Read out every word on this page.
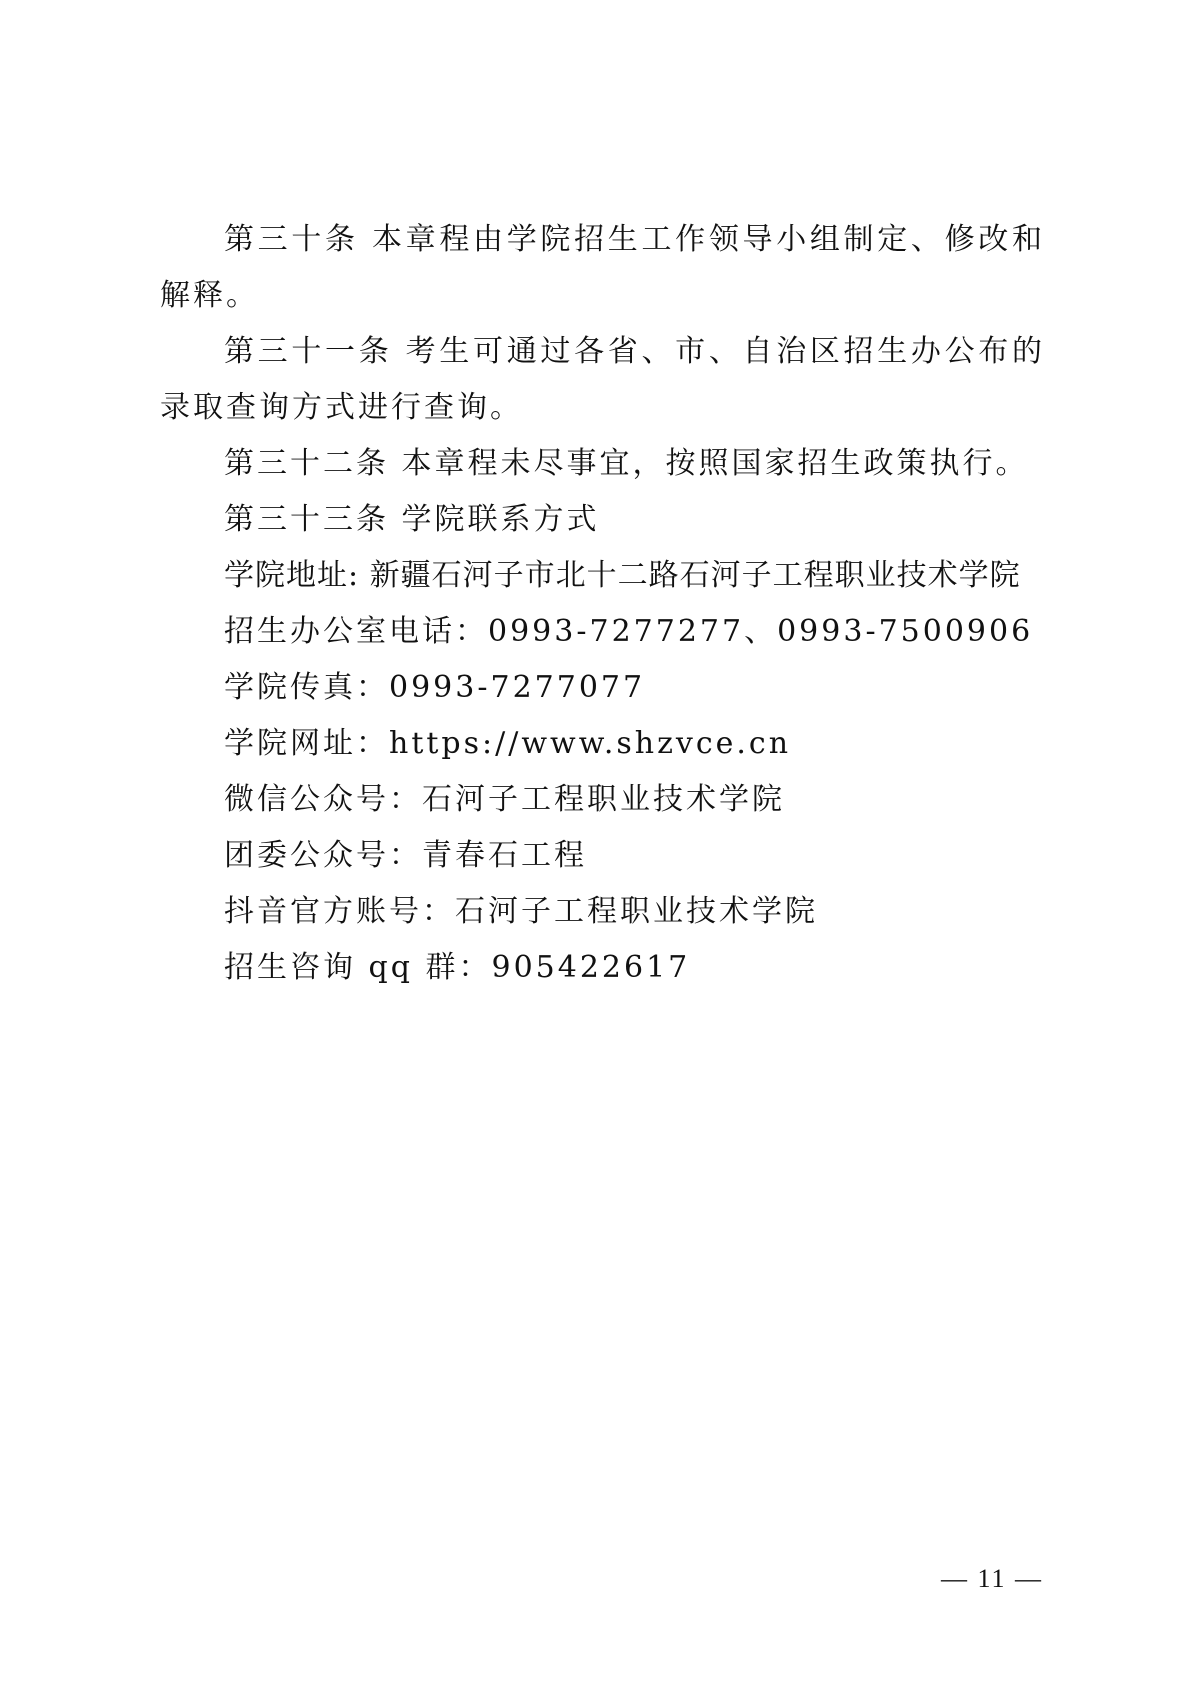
第三十条 本章程由学院招生工作领导小组制定、修改和解释。

第三十一条 考生可通过各省、市、自治区招生办公布的录取查询方式进行查询。

第三十二条 本章程未尽事宜，按照国家招生政策执行。

第三十三条 学院联系方式

学院地址: 新疆石河子市北十二路石河子工程职业技术学院

招生办公室电话：0993-7277277、0993-7500906

学院传真：0993-7277077

学院网址：https://www.shzvce.cn

微信公众号：石河子工程职业技术学院

团委公众号：青春石工程

抖音官方账号：石河子工程职业技术学院

招生咨询 qq 群：905422617

— 11 —
